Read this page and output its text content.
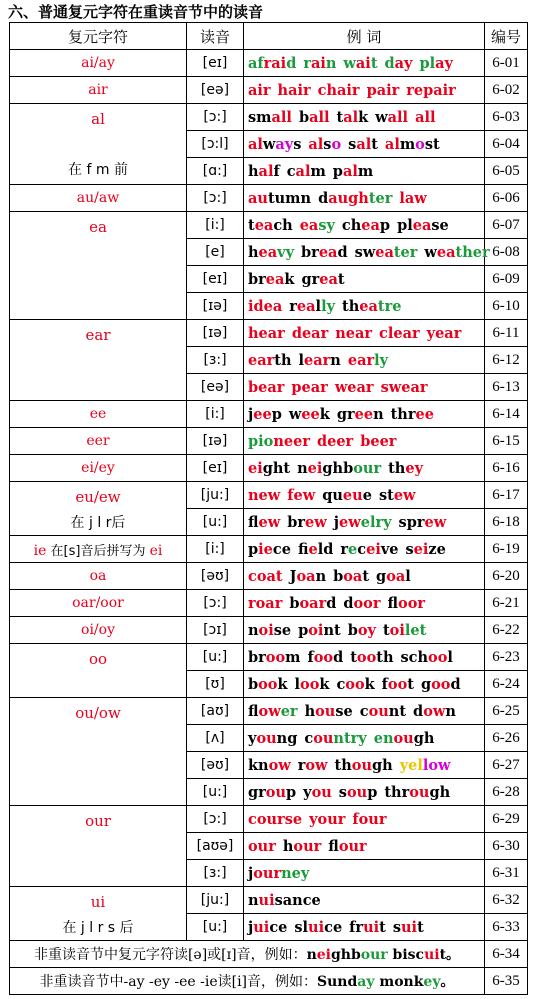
六、普通复元字符在重读音节中的读音
复元字符	读音	例 词	编号

ai/ay	[eɪ]	afraid rain wait day play	6-01

air	[eə]	air hair chair pair repair	6-02

al
在 f m 前	[ɔ:]	small ball talk wall all	6-03
	[ɔ:l]	always also salt almost	6-04
	[ɑ:]	half calm palm	6-05

au/aw	[ɔ:]	autumn daughter law	6-06

ea	[i:]	teach easy cheap please	6-07
	[e]	heavy bread sweater weather	6-08
	[eɪ]	break great	6-09
	[ɪə]	idea really theatre	6-10

ear	[ɪə]	hear dear near clear year	6-11
	[ɜ:]	earth learn early	6-12
	[eə]	bear pear wear swear	6-13

ee	[i:]	jeep week green three	6-14

eer	[ɪə]	pioneer deer beer	6-15

ei/ey	[eɪ]	eight neighbour they	6-16

eu/ew
在 j l r后	[ju:]	new few queue stew	6-17
	[u:]	flew brew jewelry sprew	6-18

ie 在[s]音后拼写为 ei	[i:]	piece field receive seize	6-19

oa	[əʊ]	coat Joan boat goal	6-20

oar/oor	[ɔ:]	roar board door floor	6-21

oi/oy	[ɔɪ]	noise point boy toilet	6-22

oo	[u:]	broom food tooth school	6-23
	[ʊ]	book look cook foot good	6-24

ou/ow	[aʊ]	flower house count down	6-25
	[ʌ]	young country enough	6-26
	[əʊ]	know row though yellow	6-27
	[u:]	group you soup through	6-28

our	[ɔ:]	course your four	6-29
	[aʊə]	our hour flour	6-30
	[ɜ:]	journey	6-31

ui
在 j l r s 后	[ju:]	nuisance	6-32
	[u:]	juice sluice fruit suit	6-33
非重读音节中复元字符读[ə]或[ɪ]音，例如：neighbour biscuit。			6-34
非重读音节中-ay -ey -ee -ie读[i]音，例如：Sunday monkey。			6-35
